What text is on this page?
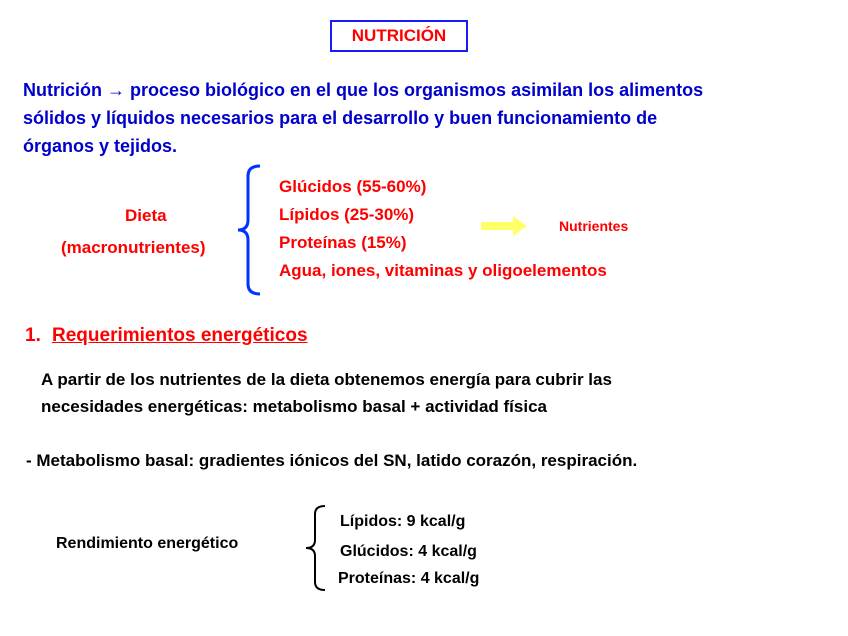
NUTRICIÓN
Nutrición → proceso biológico en el que los organismos asimilan los alimentos
sólidos y líquidos necesarios para el desarrollo y buen funcionamiento de
órganos y tejidos.
Dieta
(macronutrientes)
Glúcidos (55-60%)
Lípidos (25-30%)
Proteínas (15%)
Agua, iones, vitaminas y oligoelementos
Nutrientes
1. Requerimientos energéticos
A partir de los nutrientes de la dieta obtenemos energía para cubrir las
necesidades energéticas: metabolismo basal + actividad física
- Metabolismo basal: gradientes iónicos del SN, latido corazón, respiración.
Rendimiento energético
Lípidos: 9 kcal/g
Glúcidos: 4 kcal/g
Proteínas: 4 kcal/g
